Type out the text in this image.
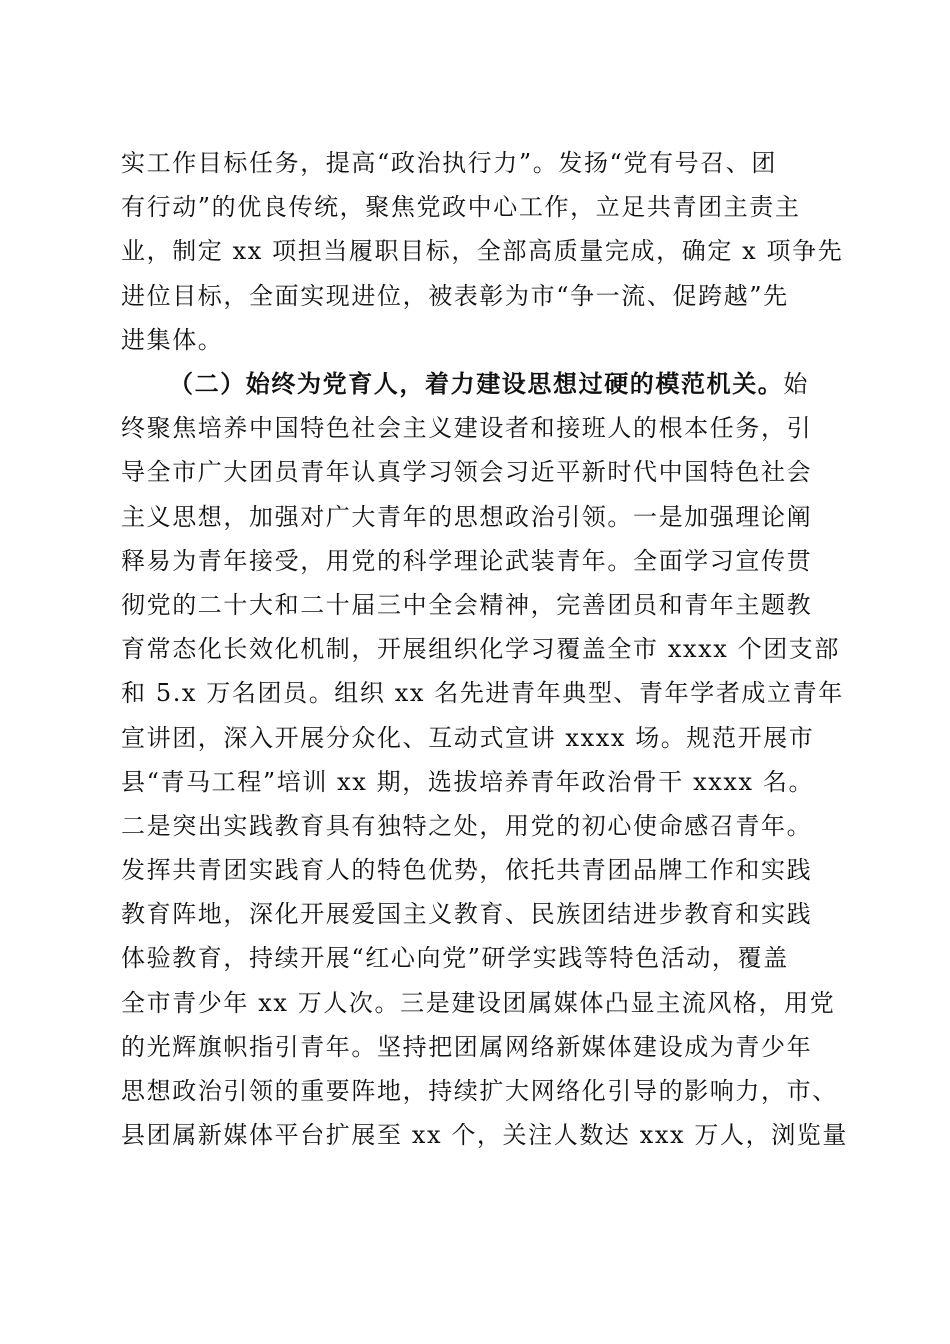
实工作目标任务，提高“政治执行力”。发扬“党有号召、团
有行动”的优良传统，聚焦党政中心工作，立足共青团主责主
业，制定 xx 项担当履职目标，全部高质量完成，确定 x 项争先
进位目标，全面实现进位，被表彰为市“争一流、促跨越”先
进集体。
（二）始终为党育人，着力建设思想过硬的模范机关。始
终聚焦培养中国特色社会主义建设者和接班人的根本任务，引
导全市广大团员青年认真学习领会习近平新时代中国特色社会
主义思想，加强对广大青年的思想政治引领。一是加强理论阐
释易为青年接受，用党的科学理论武装青年。全面学习宣传贯
彻党的二十大和二十届三中全会精神，完善团员和青年主题教
育常态化长效化机制，开展组织化学习覆盖全市 xxxx 个团支部
和 5.x 万名团员。组织 xx 名先进青年典型、青年学者成立青年
宣讲团，深入开展分众化、互动式宣讲 xxxx 场。规范开展市
县“青马工程”培训 xx 期，选拔培养青年政治骨干 xxxx 名。
二是突出实践教育具有独特之处，用党的初心使命感召青年。
发挥共青团实践育人的特色优势，依托共青团品牌工作和实践
教育阵地，深化开展爱国主义教育、民族团结进步教育和实践
体验教育，持续开展“红心向党”研学实践等特色活动，覆盖
全市青少年 xx 万人次。三是建设团属媒体凸显主流风格，用党
的光辉旗帜指引青年。坚持把团属网络新媒体建设成为青少年
思想政治引领的重要阵地，持续扩大网络化引导的影响力，市、
县团属新媒体平台扩展至 xx 个，关注人数达 xxx 万人，浏览量
